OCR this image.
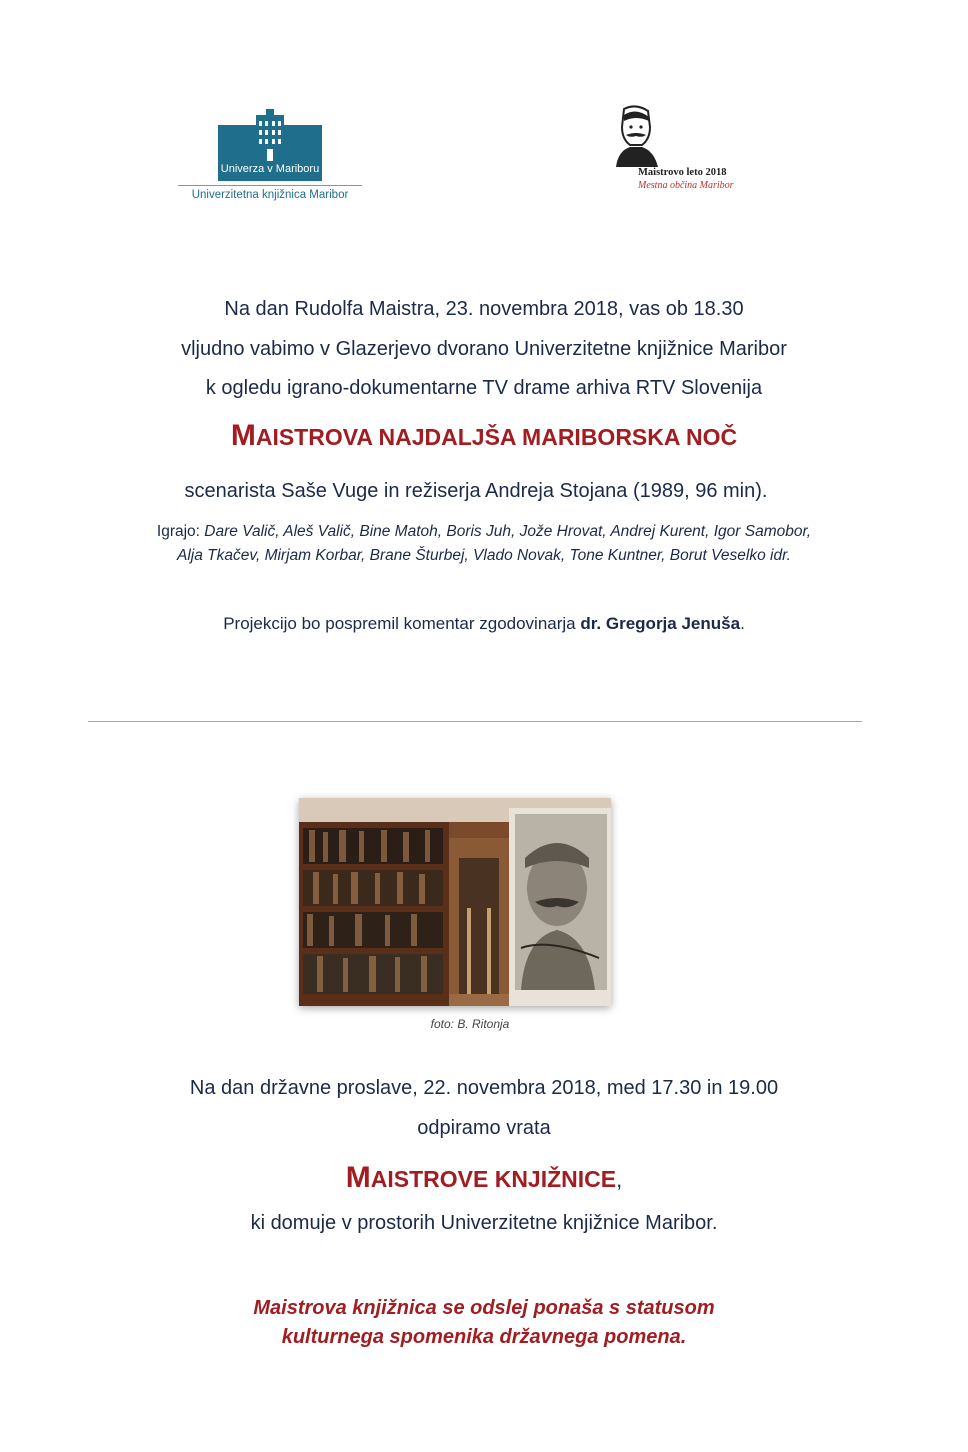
Univerza v Mariboru
Univerzitetna knjižnica Maribor
Maistrovo leto 2018
Mestna občina Maribor
Na dan Rudolfa Maistra, 23. novembra 2018, vas ob 18.30
vljudno vabimo v Glazerjevo dvorano Univerzitetne knjižnice Maribor
k ogledu igrano-dokumentarne TV drame arhiva RTV Slovenija
MAISTROVA NAJDALJŠA MARIBORSKA NOČ
scenarista Saše Vuge in režiserja Andreja Stojana (1989, 96 min).
Igrajo: Dare Valič, Aleš Valič, Bine Matoh, Boris Juh, Jože Hrovat, Andrej Kurent, Igor Samobor,
Alja Tkačev, Mirjam Korbar, Brane Šturbej, Vlado Novak, Tone Kuntner, Borut Veselko idr.
Projekcijo bo pospremil komentar zgodovinarja dr. Gregorja Jenuša.
foto: B. Ritonja
Na dan državne proslave, 22. novembra 2018, med 17.30 in 19.00
odpiramo vrata
MAISTROVE KNJIŽNICE,
ki domuje v prostorih Univerzitetne knjižnice Maribor.
Maistrova knjižnica se odslej ponaša s statusom
kulturnega spomenika državnega pomena.
